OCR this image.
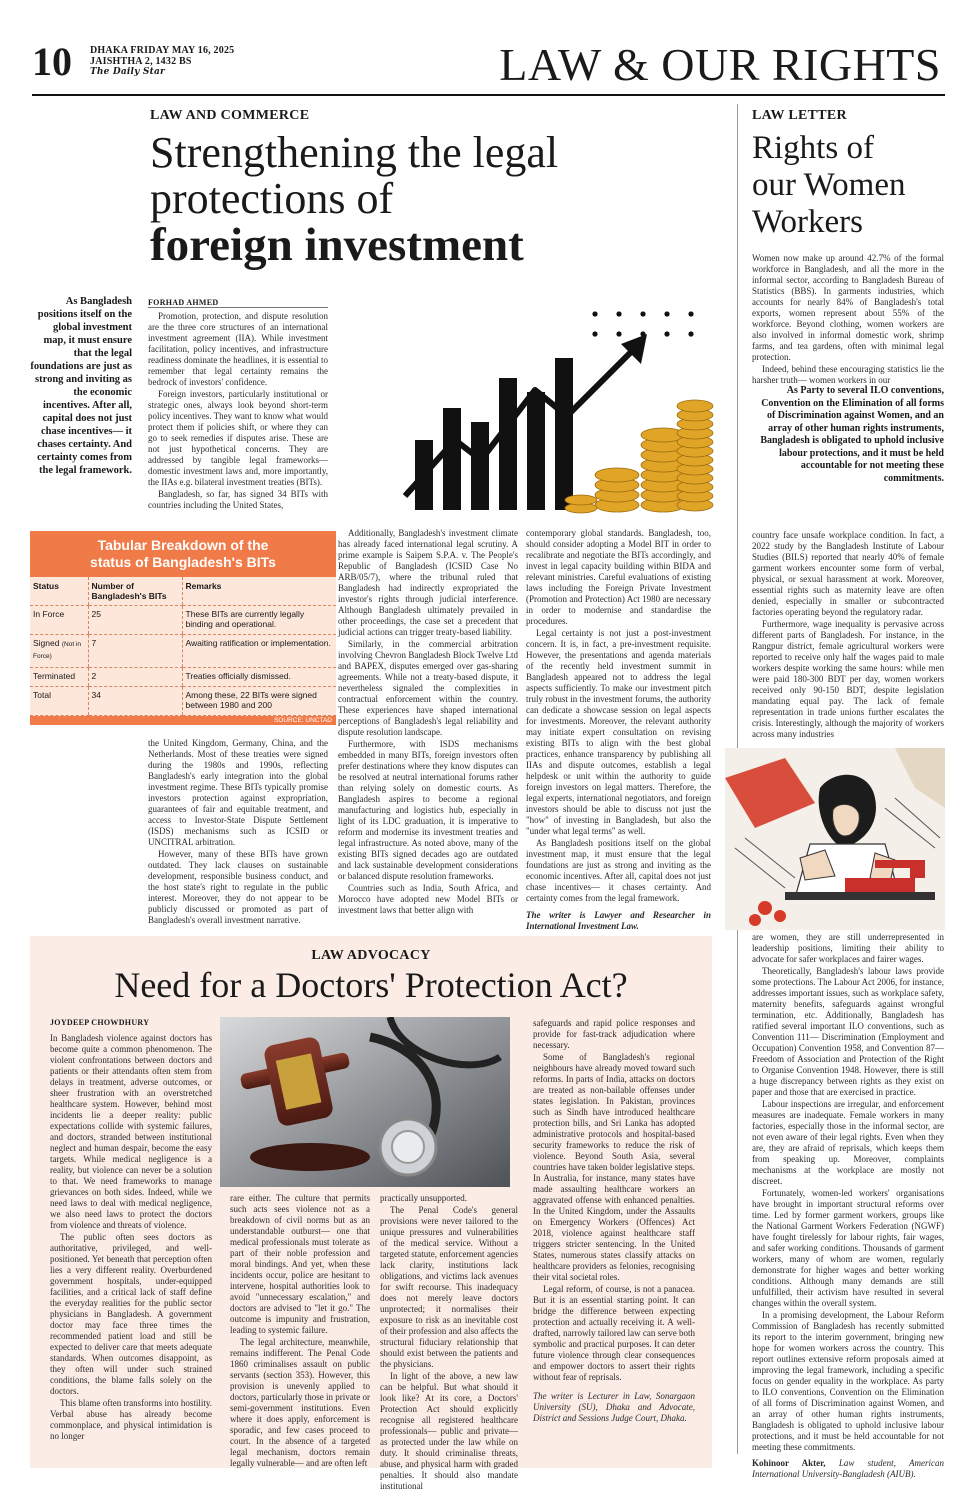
10 DHAKA FRIDAY MAY 16, 2025
JAISHTHA 2, 1432 BS
The Daily Star	LAW & OUR RIGHTS
LAW AND COMMERCE
Strengthening the legal
protections of
foreign investment
As Bangladesh positions itself on the global investment map, it must ensure that the legal foundations are just as strong and inviting as the economic incentives. After all, capital does not just chase incentives— it chases certainty. And certainty comes from the legal framework.
FORHAD AHMED

Promotion, protection, and dispute resolution are the three core structures of an international investment agreement (IIA). While investment facilitation, policy incentives, and infrastructure readiness dominate the headlines, it is essential to remember that legal certainty remains the bedrock of investors' confidence.

Foreign investors, particularly institutional or strategic ones, always look beyond short-term policy incentives. They want to know what would protect them if policies shift, or where they can go to seek remedies if disputes arise. These are not just hypothetical concerns. They are addressed by tangible legal frameworks— domestic investment laws and, more importantly, the IIAs e.g. bilateral investment treaties (BITs).

Bangladesh, so far, has signed 34 BITs with countries including the United States,

Tabular Breakdown of the
status of Bangladesh's BITs
Status	Number of Bangladesh's BITs	Remarks
In Force	25	These BITs are currently legally binding and operational.
Signed (Not in Force)	7	Awaiting ratification or implementation.
Terminated	2	Treaties officially dismissed.
Total	34	Among these, 22 BITs were signed between 1980 and 200
SOURCE: UNCTAD

the United Kingdom, Germany, China, and the Netherlands. Most of these treaties were signed during the 1980s and 1990s, reflecting Bangladesh's early integration into the global investment regime. These BITs typically promise investors protection against expropriation, guarantees of fair and equitable treatment, and access to Investor-State Dispute Settlement (ISDS) mechanisms such as ICSID or UNCITRAL arbitration.

However, many of these BITs have grown outdated. They lack clauses on sustainable development, responsible business conduct, and the host state's right to regulate in the public interest. Moreover, they do not appear to be publicly discussed or promoted as part of Bangladesh's overall investment narrative.

Additionally, Bangladesh's investment climate has already faced international legal scrutiny. A prime example is Saipem S.P.A. v. The People's Republic of Bangladesh (ICSID Case No ARB/05/7), where the tribunal ruled that Bangladesh had indirectly expropriated the investor's rights through judicial interference. Although Bangladesh ultimately prevailed in other proceedings, the case set a precedent that judicial actions can trigger treaty-based liability.

Similarly, in the commercial arbitration involving Chevron Bangladesh Block Twelve Ltd and BAPEX, disputes emerged over gas-sharing agreements. While not a treaty-based dispute, it nevertheless signaled the complexities in contractual enforcement within the country. These experiences have shaped international perceptions of Bangladesh's legal reliability and dispute resolution landscape.

Furthermore, with ISDS mechanisms embedded in many BITs, foreign investors often prefer destinations where they know disputes can be resolved at neutral international forums rather than relying solely on domestic courts. As Bangladesh aspires to become a regional manufacturing and logistics hub, especially in light of its LDC graduation, it is imperative to reform and modernise its investment treaties and legal infrastructure. As noted above, many of the existing BITs signed decades ago are outdated and lack sustainable development considerations or balanced dispute resolution frameworks.

Countries such as India, South Africa, and Morocco have adopted new Model BITs or investment laws that better align with

contemporary global standards. Bangladesh, too, should consider adopting a Model BIT in order to recalibrate and negotiate the BITs accordingly, and invest in legal capacity building within BIDA and relevant ministries. Careful evaluations of existing laws including the Foreign Private Investment (Promotion and Protection) Act 1980 are necessary in order to modernise and standardise the procedures.

Legal certainty is not just a post-investment concern. It is, in fact, a pre-investment requisite. However, the presentations and agenda materials of the recently held investment summit in Bangladesh appeared not to address the legal aspects sufficiently. To make our investment pitch truly robust in the investment forums, the authority can dedicate a showcase session on legal aspects for investments. Moreover, the relevant authority may initiate expert consultation on revising existing BITs to align with the best global practices, enhance transparency by publishing all IIAs and dispute outcomes, establish a legal helpdesk or unit within the authority to guide foreign investors on legal matters. Therefore, the legal experts, international negotiators, and foreign investors should be able to discuss not just the "how" of investing in Bangladesh, but also the "under what legal terms" as well.

As Bangladesh positions itself on the global investment map, it must ensure that the legal foundations are just as strong and inviting as the economic incentives. After all, capital does not just chase incentives— it chases certainty. And certainty comes from the legal framework.

The writer is Lawyer and Researcher in International Investment Law.
LAW LETTER
Rights of
our Women
Workers

Women now make up around 42.7% of the formal workforce in Bangladesh, and all the more in the informal sector, according to Bangladesh Bureau of Statistics (BBS). In garments industries, which accounts for nearly 84% of Bangladesh's total exports, women represent about 55% of the workforce. Beyond clothing, women workers are also involved in informal domestic work, shrimp farms, and tea gardens, often with minimal legal protection.

Indeed, behind these encouraging statistics lie the harsher truth— women workers in our

As Party to several ILO conventions, Convention on the Elimination of all forms of Discrimination against Women, and an array of other human rights instruments, Bangladesh is obligated to uphold inclusive labour protections, and it must be held accountable for not meeting these commitments.

country face unsafe workplace condition. In fact, a 2022 study by the Bangladesh Institute of Labour Studies (BILS) reported that nearly 40% of female garment workers encounter some form of verbal, physical, or sexual harassment at work. Moreover, essential rights such as maternity leave are often denied, especially in smaller or subcontracted factories operating beyond the regulatory radar.

Furthermore, wage inequality is pervasive across different parts of Bangladesh. For instance, in the Rangpur district, female agricultural workers were reported to receive only half the wages paid to male workers despite working the same hours: while men were paid 180-300 BDT per day, women workers received only 90-150 BDT, despite legislation mandating equal pay. The lack of female representation in trade unions further escalates the crisis. Interestingly, although the majority of workers across many industries

are women, they are still underrepresented in leadership positions, limiting their ability to advocate for safer workplaces and fairer wages.

Theoretically, Bangladesh's labour laws provide some protections. The Labour Act 2006, for instance, addresses important issues, such as workplace safety, maternity benefits, safeguards against wrongful termination, etc. Additionally, Bangladesh has ratified several important ILO conventions, such as Convention 111— Discrimination (Employment and Occupation) Convention 1958, and Convention 87— Freedom of Association and Protection of the Right to Organise Convention 1948. However, there is still a huge discrepancy between rights as they exist on paper and those that are exercised in practice.

Labour inspections are irregular, and enforcement measures are inadequate. Female workers in many factories, especially those in the informal sector, are not even aware of their legal rights. Even when they are, they are afraid of reprisals, which keeps them from speaking up. Moreover, complaints mechanisms at the workplace are mostly not discreet.

Fortunately, women-led workers' organisations have brought in important structural reforms over time. Led by former garment workers, groups like the National Garment Workers Federation (NGWF) have fought tirelessly for labour rights, fair wages, and safer working conditions. Thousands of garment workers, many of whom are women, regularly demonstrate for higher wages and better working conditions. Although many demands are still unfulfilled, their activism have resulted in several changes within the overall system.

In a promising development, the Labour Reform Commission of Bangladesh has recently submitted its report to the interim government, bringing new hope for women workers across the country. This report outlines extensive reform proposals aimed at improving the legal framework, including a specific focus on gender equality in the workplace. As party to ILO conventions, Convention on the Elimination of all forms of Discrimination against Women, and an array of other human rights instruments, Bangladesh is obligated to uphold inclusive labour protections, and it must be held accountable for not meeting these commitments.

Kohinoor Akter, Law student, American International University-Bangladesh (AIUB).
LAW ADVOCACY
Need for a Doctors' Protection Act?
JOYDEEP CHOWDHURY

In Bangladesh violence against doctors has become quite a common phenomenon. The violent confrontations between doctors and patients or their attendants often stem from delays in treatment, adverse outcomes, or sheer frustration with an overstretched healthcare system. However, behind most incidents lie a deeper reality: public expectations collide with systemic failures, and doctors, stranded between institutional neglect and human despair, become the easy targets. While medical negligence is a reality, but violence can never be a solution to that. We need frameworks to manage grievances on both sides. Indeed, while we need laws to deal with medical negligence, we also need laws to protect the doctors from violence and threats of violence.

The public often sees doctors as authoritative, privileged, and well-positioned. Yet beneath that perception often lies a very different reality. Overburdened government hospitals, under-equipped facilities, and a critical lack of staff define the everyday realities for the public sector physicians in Bangladesh. A government doctor may face three times the recommended patient load and still be expected to deliver care that meets adequate standards. When outcomes disappoint, as they often will under such strained conditions, the blame falls solely on the doctors.

This blame often transforms into hostility. Verbal abuse has already become commonplace, and physical intimidation is no longer

rare either. The culture that permits such acts sees violence not as a breakdown of civil norms but as an understandable outburst— one that medical professionals must tolerate as part of their noble profession and moral bindings. And yet, when these incidents occur, police are hesitant to intervene, hospital authorities look to avoid "unnecessary escalation," and doctors are advised to "let it go." The outcome is impunity and frustration, leading to systemic failure.

The legal architecture, meanwhile, remains indifferent. The Penal Code 1860 criminalises assault on public servants (section 353). However, this provision is unevenly applied to doctors, particularly those in private or semi-government institutions. Even where it does apply, enforcement is sporadic, and few cases proceed to court. In the absence of a targeted legal mechanism, doctors remain legally vulnerable— and are often left

practically unsupported.

The Penal Code's general provisions were never tailored to the unique pressures and vulnerabilities of the medical service. Without a targeted statute, enforcement agencies lack clarity, institutions lack obligations, and victims lack avenues for swift recourse. This inadequacy does not merely leave doctors unprotected; it normalises their exposure to risk as an inevitable cost of their profession and also affects the structural fiduciary relationship that should exist between the patients and the physicians.

In light of the above, a new law can be helpful. But what should it look like? At its core, a Doctors' Protection Act should explicitly recognise all registered healthcare professionals— public and private— as protected under the law while on duty. It should criminalise threats, abuse, and physical harm with graded penalties. It should also mandate institutional

safeguards and rapid police responses and provide for fast-track adjudication where necessary.

Some of Bangladesh's regional neighbours have already moved toward such reforms. In parts of India, attacks on doctors are treated as non-bailable offenses under states legislation. In Pakistan, provinces such as Sindh have introduced healthcare protection bills, and Sri Lanka has adopted administrative protocols and hospital-based security frameworks to reduce the risk of violence. Beyond South Asia, several countries have taken bolder legislative steps. In Australia, for instance, many states have made assaulting healthcare workers an aggravated offense with enhanced penalties. In the United Kingdom, under the Assaults on Emergency Workers (Offences) Act 2018, violence against healthcare staff triggers stricter sentencing. In the United States, numerous states classify attacks on healthcare providers as felonies, recognising their vital societal roles.

Legal reform, of course, is not a panacea. But it is an essential starting point. It can bridge the difference between expecting protection and actually receiving it. A well-drafted, narrowly tailored law can serve both symbolic and practical purposes. It can deter future violence through clear consequences and empower doctors to assert their rights without fear of reprisals.

The writer is Lecturer in Law, Sonargaon University (SU), Dhaka and Advocate, District and Sessions Judge Court, Dhaka.
